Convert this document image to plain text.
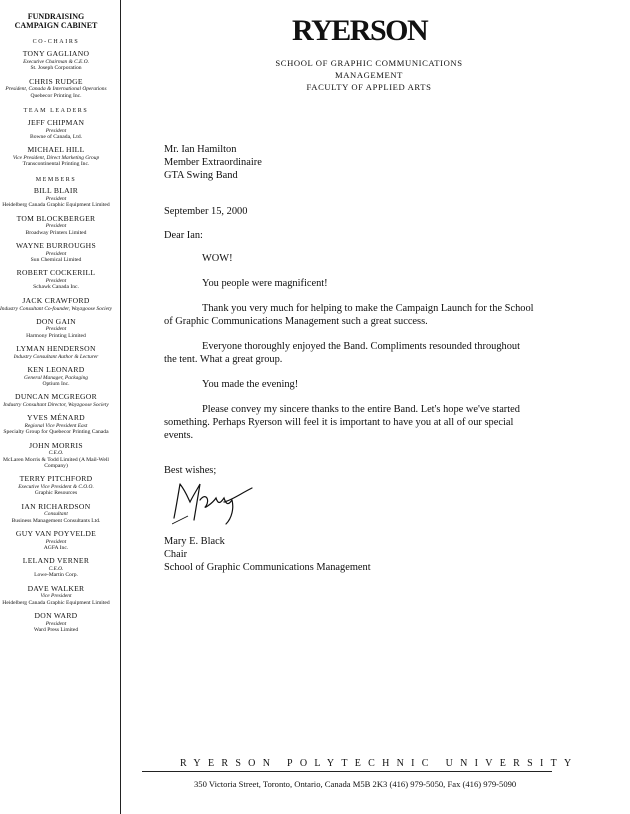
FUNDRAISING
CAMPAIGN CABINET
CO-CHAIRS
TONY GAGLIANO
Executive Chairman & C.E.O.
St. Joseph Corporation
CHRIS RUDGE
President, Canada & International Operations
Quebecor Printing Inc.
TEAM LEADERS
JEFF CHIPMAN
President
Bowne of Canada, Ltd.
MICHAEL HILL
Vice President, Direct Marketing Group
Transcontinental Printing Inc.
MEMBERS
BILL BLAIR
President
Heidelberg Canada Graphic Equipment Limited
TOM BLOCKBERGER
President
Broadway Printers Limited
WAYNE BURROUGHS
President
Sun Chemical Limited
ROBERT COCKERILL
President
Schawk Canada Inc.
JACK CRAWFORD
Industry Consultant Co-founder, Wayzgoose Society
DON GAIN
President
Harmony Printing Limited
LYMAN HENDERSON
Industry Consultant Author & Lecturer
KEN LEONARD
General Manager, Packaging
Optium Inc.
DUNCAN MCGREGOR
Industry Consultant Director, Wayzgoose Society
YVES MÉNARD
Regional Vice President East
Specialty Group for Quebecor Printing Canada
JOHN MORRIS
C.E.O.
McLaren Morris & Todd Limited (A Mail-Well Company)
TERRY PITCHFORD
Executive Vice President & C.O.O.
Graphic Resources
IAN RICHARDSON
Consultant
Business Management Consultants Ltd.
GUY VAN POYVELDE
President
AGFA Inc.
LELAND VERNER
C.E.O.
Lowe-Martin Corp.
DAVE WALKER
Vice President
Heidelberg Canada Graphic Equipment Limited
DON WARD
President
Ward Press Limited
RYERSON
SCHOOL OF GRAPHIC COMMUNICATIONS MANAGEMENT
FACULTY OF APPLIED ARTS
Mr. Ian Hamilton
Member Extraordinaire
GTA Swing Band
September 15, 2000
Dear Ian:
WOW!
You people were magnificent!
Thank you very much for helping to make the Campaign Launch for the School of Graphic Communications Management such a great success.
Everyone thoroughly enjoyed the Band. Compliments resounded throughout the tent. What a great group.
You made the evening!
Please convey my sincere thanks to the entire Band. Let's hope we've started something. Perhaps Ryerson will feel it is important to have you at all of our special events.
Best wishes;
Mary E. Black
Chair
School of Graphic Communications Management
RYERSON POLYTECHNIC UNIVERSITY
350 Victoria Street, Toronto, Ontario, Canada M5B 2K3 (416) 979-5050, Fax (416) 979-5090
